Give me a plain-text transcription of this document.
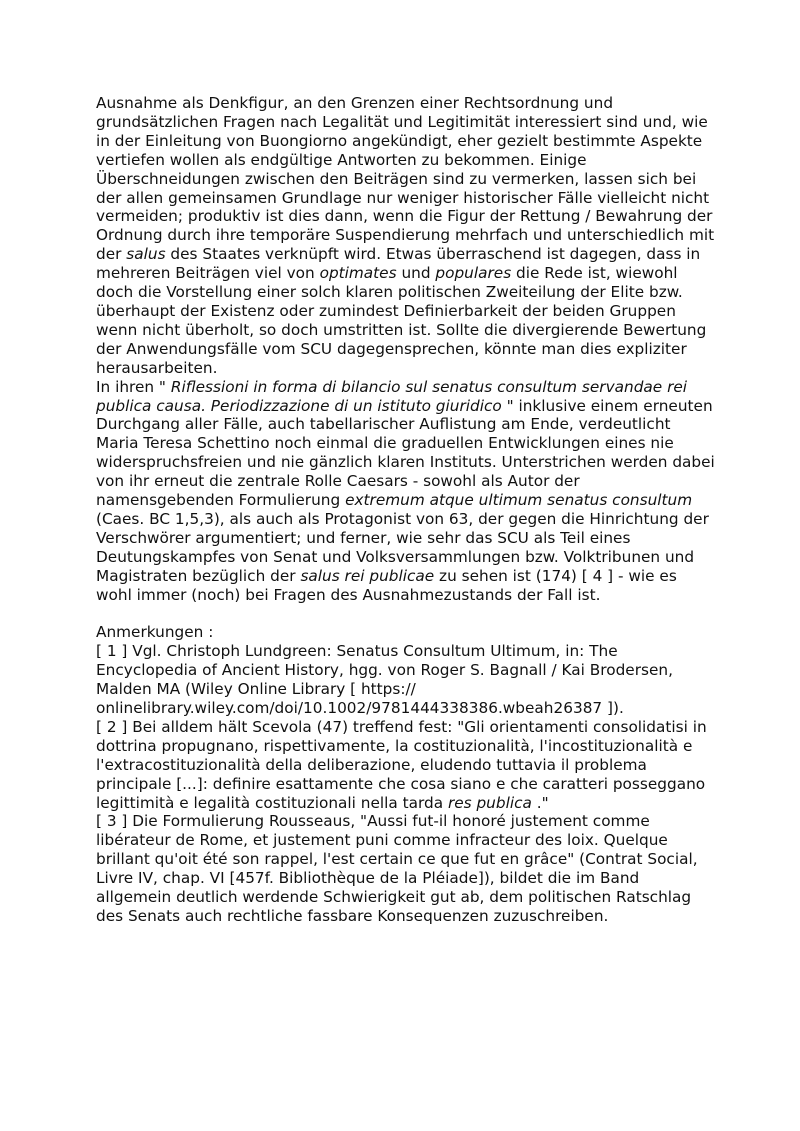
Ausnahme als Denkfigur, an den Grenzen einer Rechtsordnung und grundsätzlichen Fragen nach Legalität und Legitimität interessiert sind und, wie in der Einleitung von Buongiorno angekündigt, eher gezielt bestimmte Aspekte vertiefen wollen als endgültige Antworten zu bekommen. Einige Überschneidungen zwischen den Beiträgen sind zu vermerken, lassen sich bei der allen gemeinsamen Grundlage nur weniger historischer Fälle vielleicht nicht vermeiden; produktiv ist dies dann, wenn die Figur der Rettung / Bewahrung der Ordnung durch ihre temporäre Suspendierung mehrfach und unterschiedlich mit der salus des Staates verknüpft wird. Etwas überraschend ist dagegen, dass in mehreren Beiträgen viel von optimates und populares die Rede ist, wiewohl doch die Vorstellung einer solch klaren politischen Zweiteilung der Elite bzw. überhaupt der Existenz oder zumindest Definierbarkeit der beiden Gruppen wenn nicht überholt, so doch umstritten ist. Sollte die divergierende Bewertung der Anwendungsfälle vom SCU dagegensprechen, könnte man dies expliziter herausarbeiten.

In ihren " Riflessioni in forma di bilancio sul senatus consultum servandae rei publica causa. Periodizzazione di un istituto giuridico " inklusive einem erneuten Durchgang aller Fälle, auch tabellarischer Auflistung am Ende, verdeutlicht Maria Teresa Schettino noch einmal die graduellen Entwicklungen eines nie widerspruchsfreien und nie gänzlich klaren Instituts. Unterstrichen werden dabei von ihr erneut die zentrale Rolle Caesars - sowohl als Autor der namensgebenden Formulierung extremum atque ultimum senatus consultum (Caes. BC 1,5,3), als auch als Protagonist von 63, der gegen die Hinrichtung der Verschwörer argumentiert; und ferner, wie sehr das SCU als Teil eines Deutungskampfes von Senat und Volksversammlungen bzw. Volktribunen und Magistraten bezüglich der salus rei publicae zu sehen ist (174) [ 4 ] - wie es wohl immer (noch) bei Fragen des Ausnahmezustands der Fall ist.

Anmerkungen :

[ 1 ] Vgl. Christoph Lundgreen: Senatus Consultum Ultimum, in: The Encyclopedia of Ancient History, hgg. von Roger S. Bagnall / Kai Brodersen, Malden MA (Wiley Online Library [ https:// onlinelibrary.wiley.com/doi/10.1002/9781444338386.wbeah26387 ]).

[ 2 ] Bei alldem hält Scevola (47) treffend fest: "Gli orientamenti consolidatisi in dottrina propugnano, rispettivamente, la costituzionalità, l'incostituzionalità e l'extracostituzionalità della deliberazione, eludendo tuttavia il problema principale [...]: definire esattamente che cosa siano e che caratteri posseggano legittimità e legalità costituzionali nella tarda res publica ."

[ 3 ] Die Formulierung Rousseaus, "Aussi fut-il honoré justement comme libérateur de Rome, et justement puni comme infracteur des loix. Quelque brillant qu'oit été son rappel, l'est certain ce que fut en grâce" (Contrat Social, Livre IV, chap. VI [457f. Bibliothèque de la Pléiade]), bildet die im Band allgemein deutlich werdende Schwierigkeit gut ab, dem politischen Ratschlag des Senats auch rechtliche fassbare Konsequenzen zuzuschreiben.
